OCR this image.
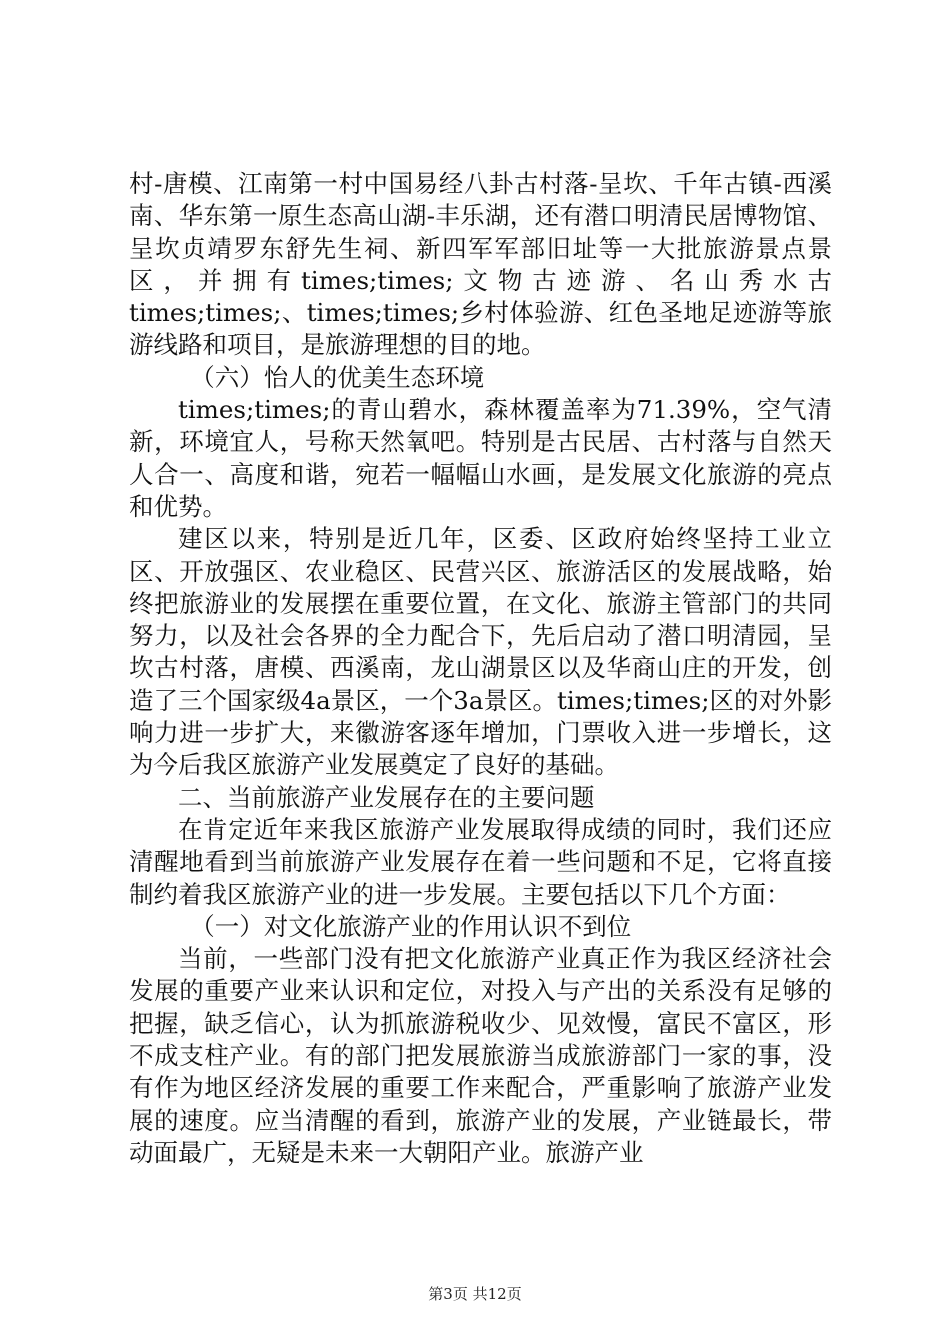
村-唐模、江南第一村中国易经八卦古村落-呈坎、千年古镇-西溪南、华东第一原生态高山湖-丰乐湖，还有潜口明清民居博物馆、呈坎贞靖罗东舒先生祠、新四军军部旧址等一大批旅游景点景区，并拥有times;times;文物古迹游、名山秀水古times;times;、times;times;乡村体验游、红色圣地足迹游等旅游线路和项目，是旅游理想的目的地。

（六）怡人的优美生态环境

times;times;的青山碧水，森林覆盖率为71.39%，空气清新，环境宜人，号称天然氧吧。特别是古民居、古村落与自然天人合一、高度和谐，宛若一幅幅山水画，是发展文化旅游的亮点和优势。

建区以来，特别是近几年，区委、区政府始终坚持工业立区、开放强区、农业稳区、民营兴区、旅游活区的发展战略，始终把旅游业的发展摆在重要位置，在文化、旅游主管部门的共同努力，以及社会各界的全力配合下，先后启动了潜口明清园，呈坎古村落，唐模、西溪南，龙山湖景区以及华商山庄的开发，创造了三个国家级4a景区，一个3a景区。times;times;区的对外影响力进一步扩大，来徽游客逐年增加，门票收入进一步增长，这为今后我区旅游产业发展奠定了良好的基础。

二、当前旅游产业发展存在的主要问题

在肯定近年来我区旅游产业发展取得成绩的同时，我们还应清醒地看到当前旅游产业发展存在着一些问题和不足，它将直接制约着我区旅游产业的进一步发展。主要包括以下几个方面：

（一）对文化旅游产业的作用认识不到位

当前，一些部门没有把文化旅游产业真正作为我区经济社会发展的重要产业来认识和定位，对投入与产出的关系没有足够的把握，缺乏信心，认为抓旅游税收少、见效慢，富民不富区，形不成支柱产业。有的部门把发展旅游当成旅游部门一家的事，没有作为地区经济发展的重要工作来配合，严重影响了旅游产业发展的速度。应当清醒的看到，旅游产业的发展，产业链最长，带动面最广，无疑是未来一大朝阳产业。旅游产业

第3页 共12页
